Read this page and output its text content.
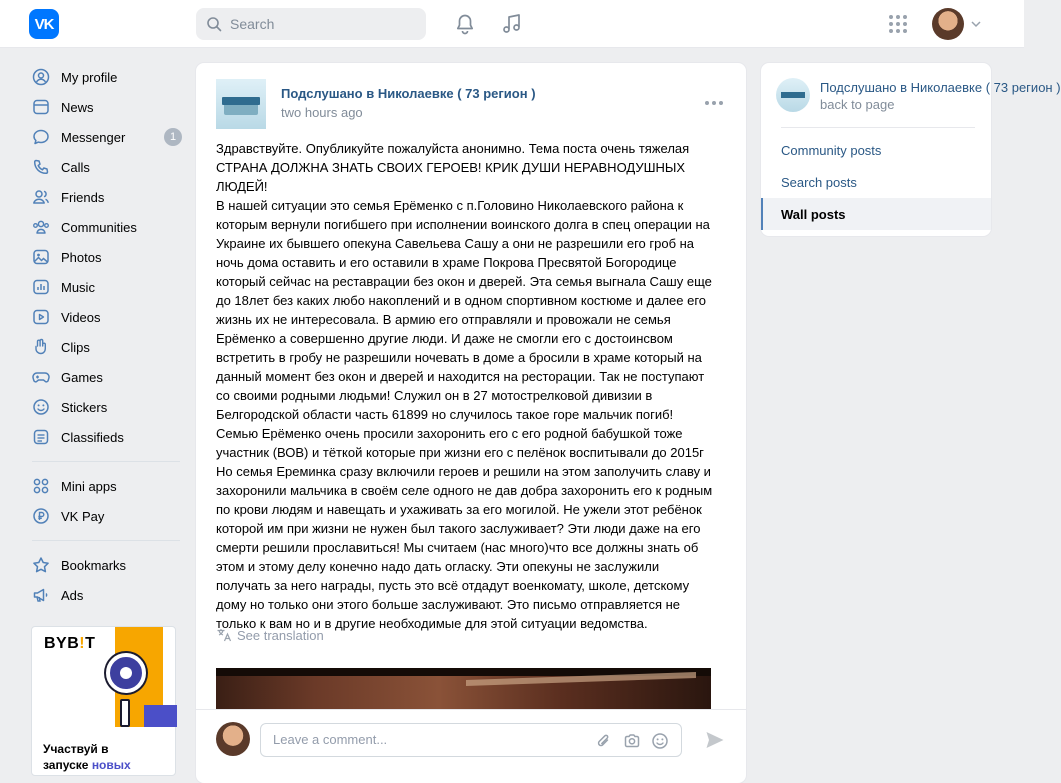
VK
Search
My profile
News
Messenger	1
Calls
Friends
Communities
Photos
Music
Videos
Clips
Games
Stickers
Classifieds
Mini apps
VK Pay
Bookmarks
Ads
BYB!T
Участвуй в
запуске новых
Подслушано в Николаевке ( 73 регион )
two hours ago
Здравствуйте. Опубликуйте пожалуйста анонимно. Тема поста очень тяжелая
СТРАНА ДОЛЖНА ЗНАТЬ СВОИХ ГЕРОЕВ! КРИК ДУШИ НЕРАВНОДУШНЫХ ЛЮДЕЙ!
В нашей ситуации это семья Ерёменко с п.Головино Николаевского района к
которым вернули погибшего при исполнении воинского долга в спец операции на
Украине их бывшего опекуна Савельева Сашу а они не разрешили его гроб на
ночь дома оставить и его оставили в храме Покрова Пресвятой Богородице
который сейчас на реставрации без окон и дверей. Эта семья выгнала Сашу еще
до 18лет без каких любо накоплений и в одном спортивном костюме и далее его
жизнь их не интересовала. В армию его отправляли и провожали не семья
Ерёменко а совершенно другие люди. И даже не смогли его с достоинсвом
встретить в гробу не разрешили ночевать в доме а бросили в храме который на
данный момент без окон и дверей и находится на ресторации. Так не поступают
со своими родными людьми! Служил он в 27 мотострелковой дивизии в
Белгородской области часть 61899 но случилось такое горе мальчик погиб!
Семью Ерёменко очень просили захоронить его с его родной бабушкой тоже
участник (ВОВ) и тёткой которые при жизни его с пелёнок воспитывали до 2015г
Но семья Ереминка сразу включили героев и решили на этом заполучить славу и
захоронили мальчика в своём селе одного не дав добра захоронить его к родным
по крови людям и навещать и ухаживать за его могилой. Не ужели этот ребёнок
которой им при жизни не нужен был такого заслуживает? Эти люди даже на его
смерти решили прославиться! Мы считаем (нас много)что все должны знать об
этом и этому делу конечно надо дать огласку. Эти опекуны не заслужили
получать за него награды, пусть это всё отдадут военкомату, школе, детскому
дому но только они этого больше заслуживают. Это письмо отправляется не
только к вам но и в другие необходимые для этой ситуации ведомства.
See translation
Leave a comment...
Подслушано в Николаевке ( 73 регион )
back to page
Community posts
Search posts
Wall posts
